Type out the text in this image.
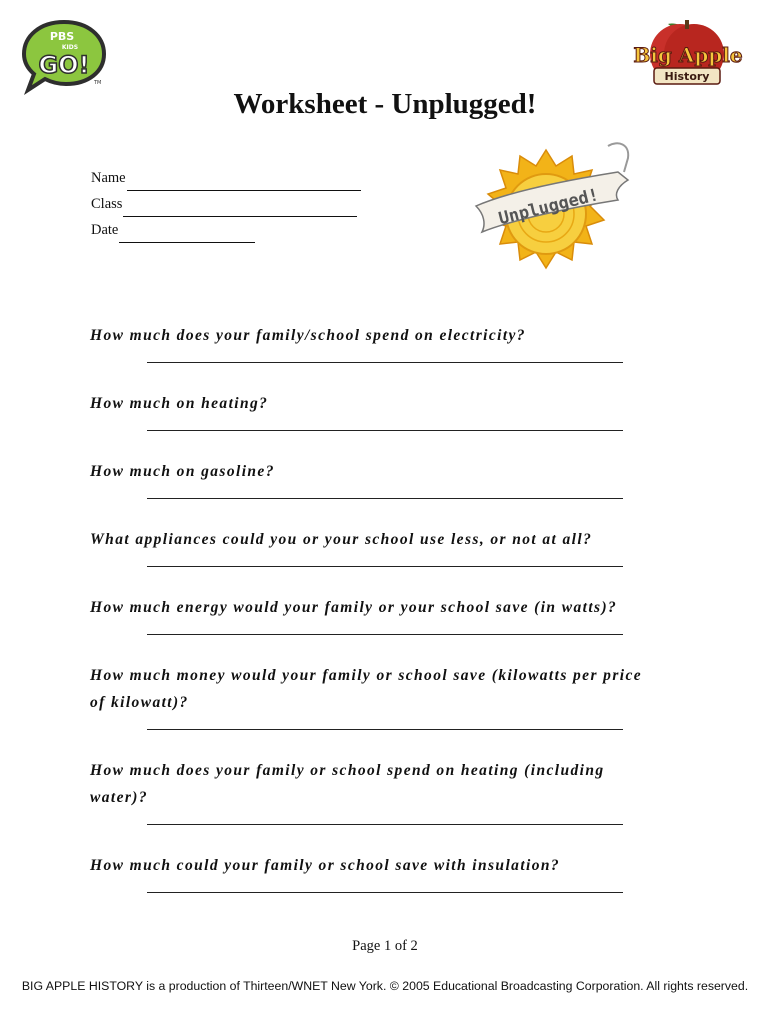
PBS
KIDS
GO!
TM
Big Apple
History
Worksheet - Unplugged!
Name
Class
Date
Unplugged!
How much does your family/school spend on electricity?
How much on heating?
How much on gasoline?
What appliances could you or your school use less, or not at all?
How much energy would your family or your school save (in watts)?
How much money would your family or school save (kilowatts per price
of kilowatt)?
How much does your family or school spend on heating (including
water)?
How much could your family or school save with insulation?
Page 1 of 2
BIG APPLE HISTORY is a production of Thirteen/WNET New York. © 2005 Educational Broadcasting Corporation. All rights reserved.
